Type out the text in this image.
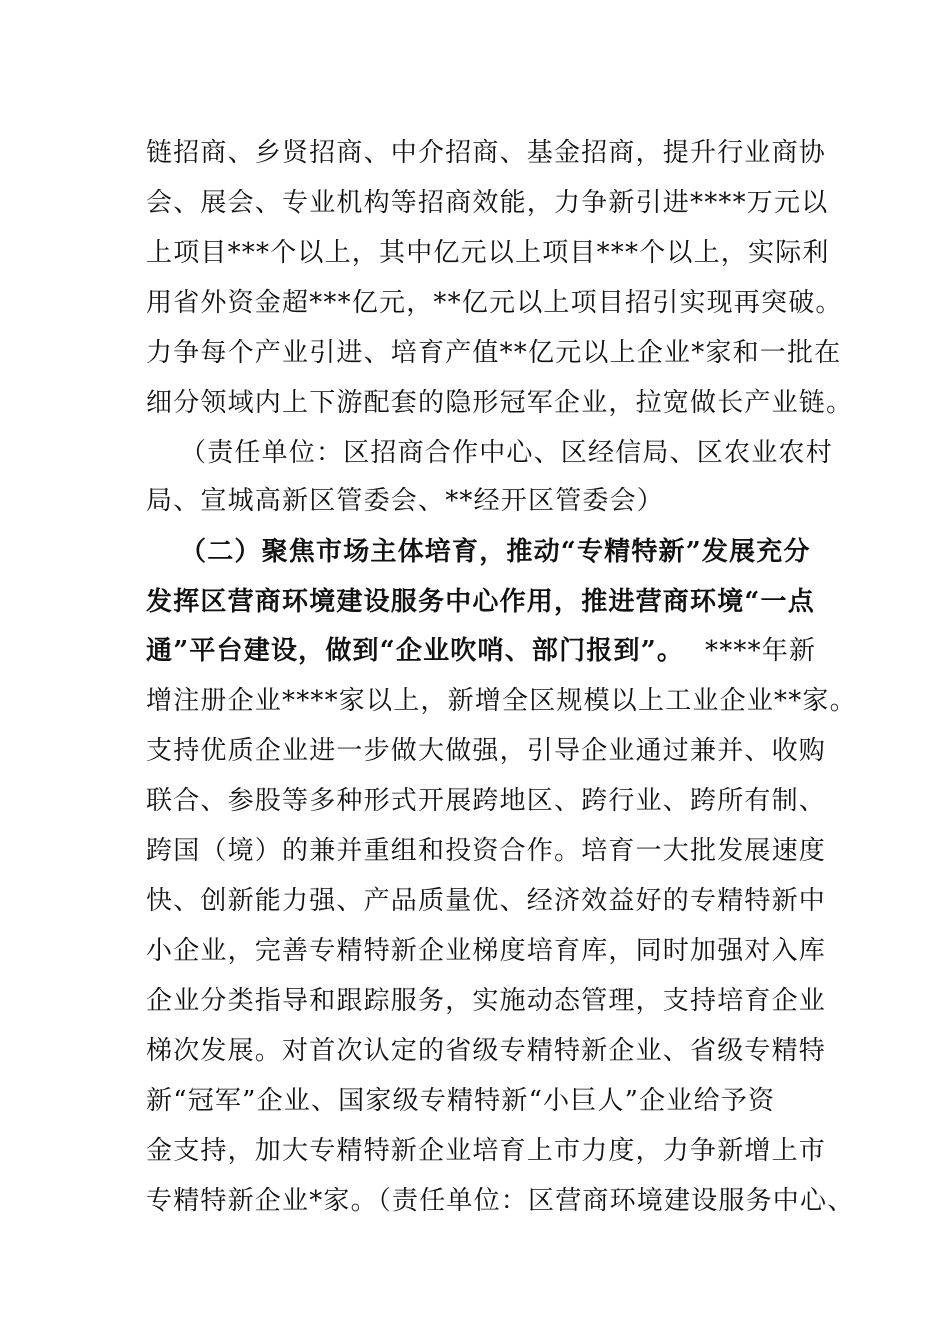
链招商、乡贤招商、中介招商、基金招商，提升行业商协
会、展会、专业机构等招商效能，力争新引进****万元以
上项目***个以上，其中亿元以上项目***个以上，实际利
用省外资金超***亿元，**亿元以上项目招引实现再突破。
力争每个产业引进、培育产值**亿元以上企业*家和一批在
细分领域内上下游配套的隐形冠军企业，拉宽做长产业链。
（责任单位：区招商合作中心、区经信局、区农业农村
局、宣城高新区管委会、**经开区管委会）
（二）聚焦市场主体培育，推动“专精特新”发展充分
发挥区营商环境建设服务中心作用，推进营商环境“一点
通”平台建设，做到“企业吹哨、部门报到”。 ****年新
增注册企业****家以上，新增全区规模以上工业企业**家。
支持优质企业进一步做大做强，引导企业通过兼并、收购
联合、参股等多种形式开展跨地区、跨行业、跨所有制、
跨国（境）的兼并重组和投资合作。培育一大批发展速度
快、创新能力强、产品质量优、经济效益好的专精特新中
小企业，完善专精特新企业梯度培育库，同时加强对入库
企业分类指导和跟踪服务，实施动态管理，支持培育企业
梯次发展。对首次认定的省级专精特新企业、省级专精特
新“冠军”企业、国家级专精特新“小巨人”企业给予资
金支持，加大专精特新企业培育上市力度，力争新增上市
专精特新企业*家。（责任单位：区营商环境建设服务中心、
